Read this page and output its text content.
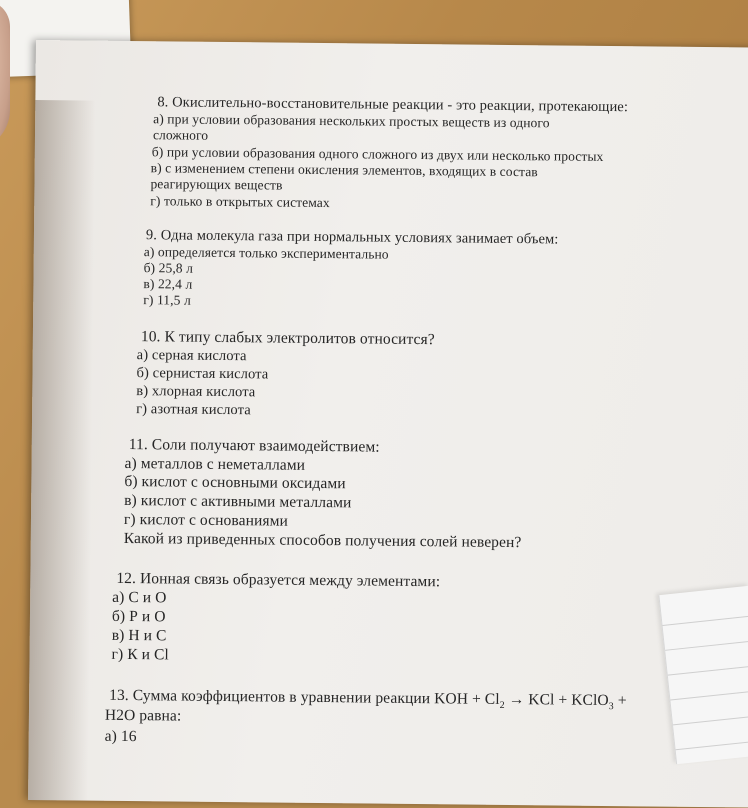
8. Окислительно-восстановительные реакции - это реакции, протекающие:
а) при условии образования нескольких простых веществ из одного
сложного
б) при условии образования одного сложного из двух или несколько простых
в) с изменением степени окисления элементов, входящих в состав
реагирующих веществ
г) только в открытых системах
9. Одна молекула газа при нормальных условиях занимает объем:
а) определяется только экспериментально
б) 25,8 л
в) 22,4 л
г) 11,5 л
10. К типу слабых электролитов относится?
а) серная кислота
б) сернистая кислота
в) хлорная кислота
г) азотная кислота
11. Соли получают взаимодействием:
а) металлов с неметаллами
б) кислот с основными оксидами
в) кислот с активными металлами
г) кислот с основаниями
Какой из приведенных способов получения солей неверен?
12. Ионная связь образуется между элементами:
а) С и О
б) Р и О
в) Н и С
г) К и Cl
13. Сумма коэффициентов в уравнении реакции KOH + $Cl_2$ → KCl + KClO$_3$ +
H2O равна:
а) 16
